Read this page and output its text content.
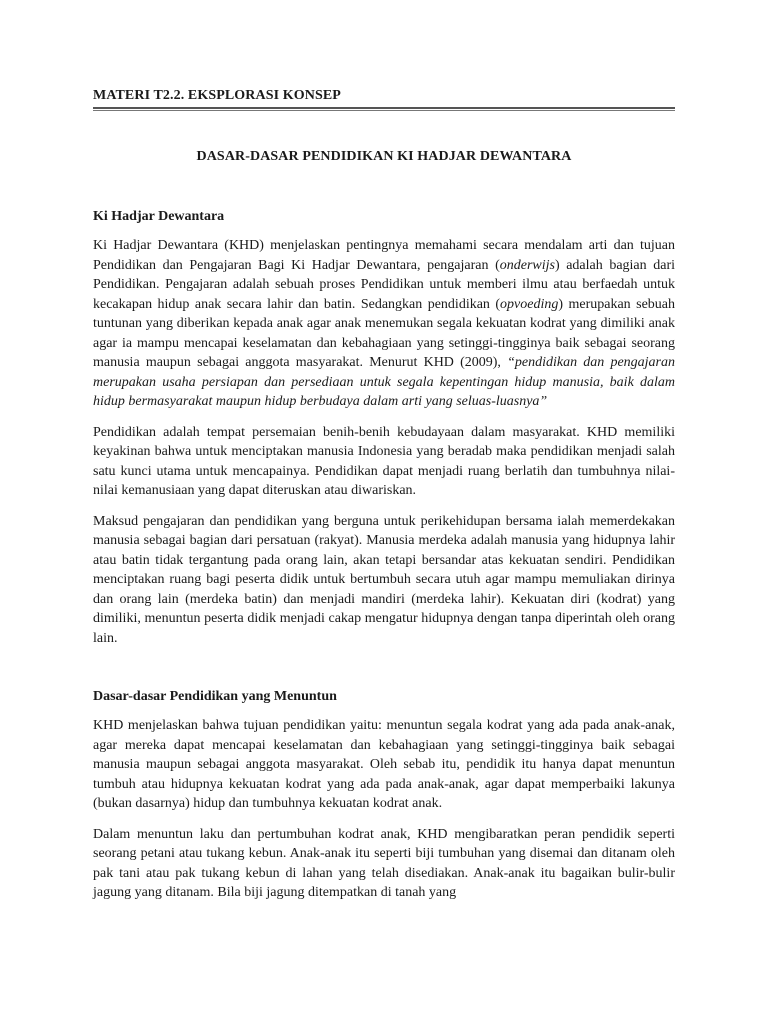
MATERI T2.2. EKSPLORASI KONSEP
DASAR-DASAR PENDIDIKAN KI HADJAR DEWANTARA
Ki Hadjar Dewantara

Ki Hadjar Dewantara (KHD) menjelaskan pentingnya memahami secara mendalam arti dan tujuan Pendidikan dan Pengajaran Bagi Ki Hadjar Dewantara, pengajaran (onderwijs) adalah bagian dari Pendidikan. Pengajaran adalah sebuah proses Pendidikan untuk memberi ilmu atau berfaedah untuk kecakapan hidup anak secara lahir dan batin. Sedangkan pendidikan (opvoeding) merupakan sebuah tuntunan yang diberikan kepada anak agar anak menemukan segala kekuatan kodrat yang dimiliki anak agar ia mampu mencapai keselamatan dan kebahagiaan yang setinggi-tingginya baik sebagai seorang manusia maupun sebagai anggota masyarakat. Menurut KHD (2009), “pendidikan dan pengajaran merupakan usaha persiapan dan persediaan untuk segala kepentingan hidup manusia, baik dalam hidup bermasyarakat maupun hidup berbudaya dalam arti yang seluas-luasnya”

Pendidikan adalah tempat persemaian benih-benih kebudayaan dalam masyarakat. KHD memiliki keyakinan bahwa untuk menciptakan manusia Indonesia yang beradab maka pendidikan menjadi salah satu kunci utama untuk mencapainya. Pendidikan dapat menjadi ruang berlatih dan tumbuhnya nilai-nilai kemanusiaan yang dapat diteruskan atau diwariskan.

Maksud pengajaran dan pendidikan yang berguna untuk perikehidupan bersama ialah memerdekakan manusia sebagai bagian dari persatuan (rakyat). Manusia merdeka adalah manusia yang hidupnya lahir atau batin tidak tergantung pada orang lain, akan tetapi bersandar atas kekuatan sendiri. Pendidikan menciptakan ruang bagi peserta didik untuk bertumbuh secara utuh agar mampu memuliakan dirinya dan orang lain (merdeka batin) dan menjadi mandiri (merdeka lahir). Kekuatan diri (kodrat) yang dimiliki, menuntun peserta didik menjadi cakap mengatur hidupnya dengan tanpa diperintah oleh orang lain.

Dasar-dasar Pendidikan yang Menuntun

KHD menjelaskan bahwa tujuan pendidikan yaitu: menuntun segala kodrat yang ada pada anak-anak, agar mereka dapat mencapai keselamatan dan kebahagiaan yang setinggi-tingginya baik sebagai manusia maupun sebagai anggota masyarakat. Oleh sebab itu, pendidik itu hanya dapat menuntun tumbuh atau hidupnya kekuatan kodrat yang ada pada anak-anak, agar dapat memperbaiki lakunya (bukan dasarnya) hidup dan tumbuhnya kekuatan kodrat anak.

Dalam menuntun laku dan pertumbuhan kodrat anak, KHD mengibaratkan peran pendidik seperti seorang petani atau tukang kebun. Anak-anak itu seperti biji tumbuhan yang disemai dan ditanam oleh pak tani atau pak tukang kebun di lahan yang telah disediakan. Anak-anak itu bagaikan bulir-bulir jagung yang ditanam. Bila biji jagung ditempatkan di tanah yang
